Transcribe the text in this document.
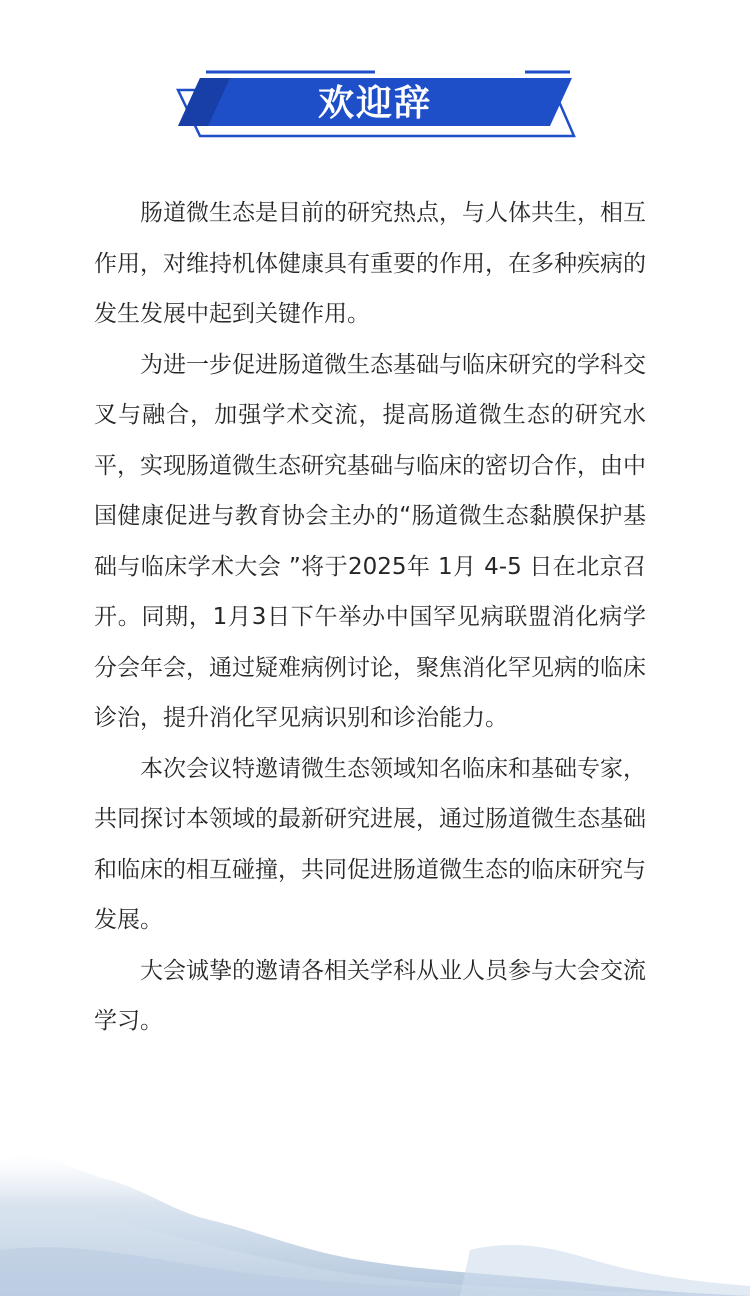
欢迎辞

肠道微生态是目前的研究热点，与人体共生，相互作用，对维持机体健康具有重要的作用，在多种疾病的发生发展中起到关键作用。

为进一步促进肠道微生态基础与临床研究的学科交叉与融合，加强学术交流，提高肠道微生态的研究水平，实现肠道微生态研究基础与临床的密切合作，由中国健康促进与教育协会主办的“肠道微生态黏膜保护基础与临床学术大会 ”将于2025年 1月 4-5 日在北京召开。同期，1月3日下午举办中国罕见病联盟消化病学分会年会，通过疑难病例讨论，聚焦消化罕见病的临床诊治，提升消化罕见病识别和诊治能力。

本次会议特邀请微生态领域知名临床和基础专家，共同探讨本领域的最新研究进展，通过肠道微生态基础和临床的相互碰撞，共同促进肠道微生态的临床研究与发展。

大会诚挚的邀请各相关学科从业人员参与大会交流学习。
